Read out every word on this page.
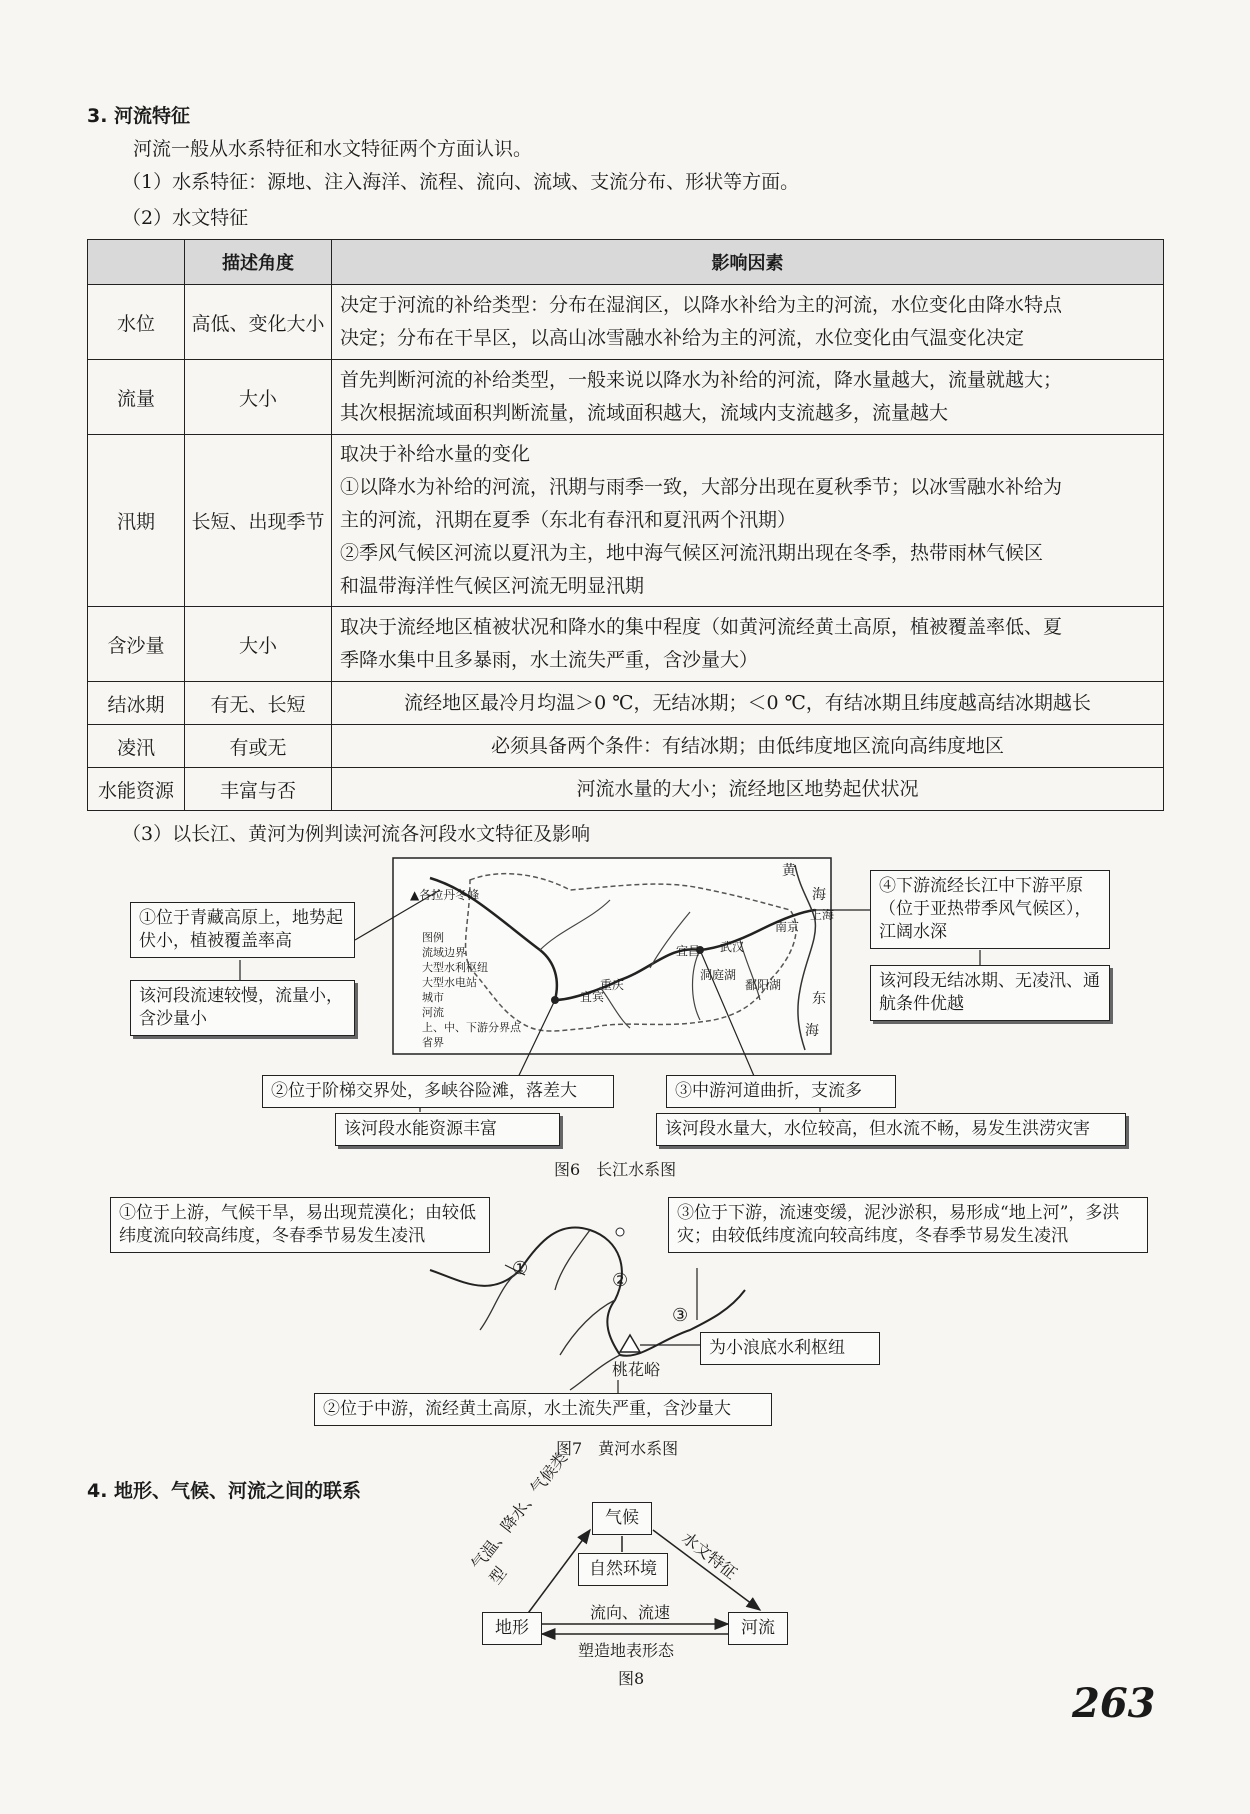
3. 河流特征
河流一般从水系特征和水文特征两个方面认识。
（1）水系特征：源地、注入海洋、流程、流向、流域、支流分布、形状等方面。
（2）水文特征
	描述角度	影响因素
水位	高低、变化大小	决定于河流的补给类型：分布在湿润区，以降水补给为主的河流，水位变化由降水特点
决定；分布在干旱区，以高山冰雪融水补给为主的河流，水位变化由气温变化决定

流量	大小	首先判断河流的补给类型，一般来说以降水为补给的河流，降水量越大，流量就越大；
其次根据流域面积判断流量，流域面积越大，流域内支流越多，流量越大

汛期	长短、出现季节	取决于补给水量的变化
①以降水为补给的河流，汛期与雨季一致，大部分出现在夏秋季节；以冰雪融水补给为
主的河流，汛期在夏季（东北有春汛和夏汛两个汛期）
②季风气候区河流以夏汛为主，地中海气候区河流汛期出现在冬季，热带雨林气候区
和温带海洋性气候区河流无明显汛期

含沙量	大小	取决于流经地区植被状况和降水的集中程度（如黄河流经黄土高原，植被覆盖率低、夏
季降水集中且多暴雨，水土流失严重，含沙量大）

结冰期	有无、长短	流经地区最冷月均温＞0 ℃，无结冰期；＜0 ℃，有结冰期且纬度越高结冰期越长
凌汛	有或无	必须具备两个条件：有结冰期；由低纬度地区流向高纬度地区
水能资源	丰富与否	河流水量的大小；流经地区地势起伏状况
（3）以长江、黄河为例判读河流各河段水文特征及影响
▲各拉丹冬峰
图例
流域边界
大型水利枢纽
大型水电站
城市
河流
上、中、下游分界点
省界
宜宾
重庆
宜昌 武汉
南京
上海
洞庭湖
鄱阳湖
黄
海
东
海
①位于青藏高原上，地势起伏小，植被覆盖率高
该河段流速较慢，流量小，含沙量小
④下游流经长江中下游平原（位于亚热带季风气候区），江阔水深
该河段无结冰期、无凌汛、通航条件优越
②位于阶梯交界处，多峡谷险滩，落差大
该河段水能资源丰富
③中游河道曲折，支流多
该河段水量大，水位较高，但水流不畅，易发生洪涝灾害
图6　长江水系图
①
②
③
桃花峪
①位于上游，气候干旱，易出现荒漠化；由较低纬度流向较高纬度，冬春季节易发生凌汛
③位于下游，流速变缓，泥沙淤积，易形成“地上河”，多洪灾；由较低纬度流向较高纬度，冬春季节易发生凌汛
为小浪底水利枢纽
②位于中游，流经黄土高原，水土流失严重，含沙量大
图7　黄河水系图
4. 地形、气候、河流之间的联系
气候
自然环境
地形	河流
气温、降水、气候类型	水文特征
流向、流速
塑造地表形态
图8
263
